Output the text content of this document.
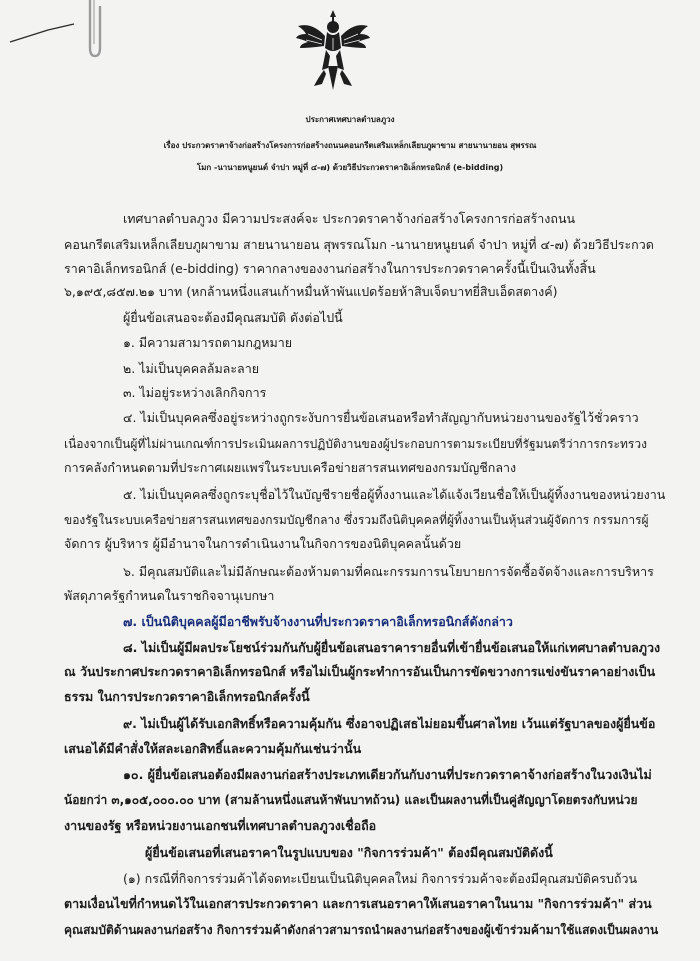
ประกาศเทศบาลตำบลภูวง
เรื่อง ประกวดราคาจ้างก่อสร้างโครงการก่อสร้างถนนคอนกรีตเสริมเหล็กเลียบภูผาขาม สายนานายอน สุพรรณ
โมก -นานายหนูยนต์ จำปา หมู่ที่ ๔-๗) ด้วยวิธีประกวดราคาอิเล็กทรอนิกส์ (e-bidding)
เทศบาลตำบลภูวง มีความประสงค์จะ ประกวดราคาจ้างก่อสร้างโครงการก่อสร้างถนน
คอนกรีตเสริมเหล็กเลียบภูผาขาม สายนานายอน สุพรรณโมก -นานายหนูยนต์ จำปา หมู่ที่ ๔-๗) ด้วยวิธีประกวด
ราคาอิเล็กทรอนิกส์ (e-bidding) ราคากลางของงานก่อสร้างในการประกวดราคาครั้งนี้เป็นเงินทั้งสิ้น
๖,๑๙๕,๘๕๗.๒๑ บาท (หกล้านหนึ่งแสนเก้าหมื่นห้าพันแปดร้อยห้าสิบเจ็ดบาทยี่สิบเอ็ดสตางค์)
ผู้ยื่นข้อเสนอจะต้องมีคุณสมบัติ ดังต่อไปนี้
๑. มีความสามารถตามกฎหมาย
๒. ไม่เป็นบุคคลล้มละลาย
๓. ไม่อยู่ระหว่างเลิกกิจการ
๔. ไม่เป็นบุคคลซึ่งอยู่ระหว่างถูกระงับการยื่นข้อเสนอหรือทำสัญญากับหน่วยงานของรัฐไว้ชั่วคราว
เนื่องจากเป็นผู้ที่ไม่ผ่านเกณฑ์การประเมินผลการปฏิบัติงานของผู้ประกอบการตามระเบียบที่รัฐมนตรีว่าการกระทรวง
การคลังกำหนดตามที่ประกาศเผยแพร่ในระบบเครือข่ายสารสนเทศของกรมบัญชีกลาง
๕. ไม่เป็นบุคคลซึ่งถูกระบุชื่อไว้ในบัญชีรายชื่อผู้ทิ้งงานและได้แจ้งเวียนชื่อให้เป็นผู้ทิ้งงานของหน่วยงาน
ของรัฐในระบบเครือข่ายสารสนเทศของกรมบัญชีกลาง ซึ่งรวมถึงนิติบุคคลที่ผู้ทิ้งงานเป็นหุ้นส่วนผู้จัดการ กรรมการผู้
จัดการ ผู้บริหาร ผู้มีอำนาจในการดำเนินงานในกิจการของนิติบุคคลนั้นด้วย
๖. มีคุณสมบัติและไม่มีลักษณะต้องห้ามตามที่คณะกรรมการนโยบายการจัดซื้อจัดจ้างและการบริหาร
พัสดุภาครัฐกำหนดในราชกิจจานุเบกษา
๗. เป็นนิติบุคคลผู้มีอาชีพรับจ้างงานที่ประกวดราคาอิเล็กทรอนิกส์ดังกล่าว
๘. ไม่เป็นผู้มีผลประโยชน์ร่วมกันกับผู้ยื่นข้อเสนอราคารายอื่นที่เข้ายื่นข้อเสนอให้แก่เทศบาลตำบลภูวง
ณ วันประกาศประกวดราคาอิเล็กทรอนิกส์ หรือไม่เป็นผู้กระทำการอันเป็นการขัดขวางการแข่งขันราคาอย่างเป็น
ธรรม ในการประกวดราคาอิเล็กทรอนิกส์ครั้งนี้
๙. ไม่เป็นผู้ได้รับเอกสิทธิ์หรือความคุ้มกัน ซึ่งอาจปฏิเสธไม่ยอมขึ้นศาลไทย เว้นแต่รัฐบาลของผู้ยื่นข้อ
เสนอได้มีคำสั่งให้สละเอกสิทธิ์และความคุ้มกันเช่นว่านั้น
๑๐. ผู้ยื่นข้อเสนอต้องมีผลงานก่อสร้างประเภทเดียวกันกับงานที่ประกวดราคาจ้างก่อสร้างในวงเงินไม่
น้อยกว่า ๓,๑๐๕,๐๐๐.๐๐ บาท (สามล้านหนึ่งแสนห้าพันบาทถ้วน) และเป็นผลงานที่เป็นคู่สัญญาโดยตรงกับหน่วย
งานของรัฐ หรือหน่วยงานเอกชนที่เทศบาลตำบลภูวงเชื่อถือ
ผู้ยื่นข้อเสนอที่เสนอราคาในรูปแบบของ "กิจการร่วมค้า" ต้องมีคุณสมบัติดังนี้
(๑) กรณีที่กิจการร่วมค้าได้จดทะเบียนเป็นนิติบุคคลใหม่ กิจการร่วมค้าจะต้องมีคุณสมบัติครบถ้วน
ตามเงื่อนไขที่กำหนดไว้ในเอกสารประกวดราคา และการเสนอราคาให้เสนอราคาในนาม "กิจการร่วมค้า" ส่วน
คุณสมบัติด้านผลงานก่อสร้าง กิจการร่วมค้าดังกล่าวสามารถนำผลงานก่อสร้างของผู้เข้าร่วมค้ามาใช้แสดงเป็นผลงาน
